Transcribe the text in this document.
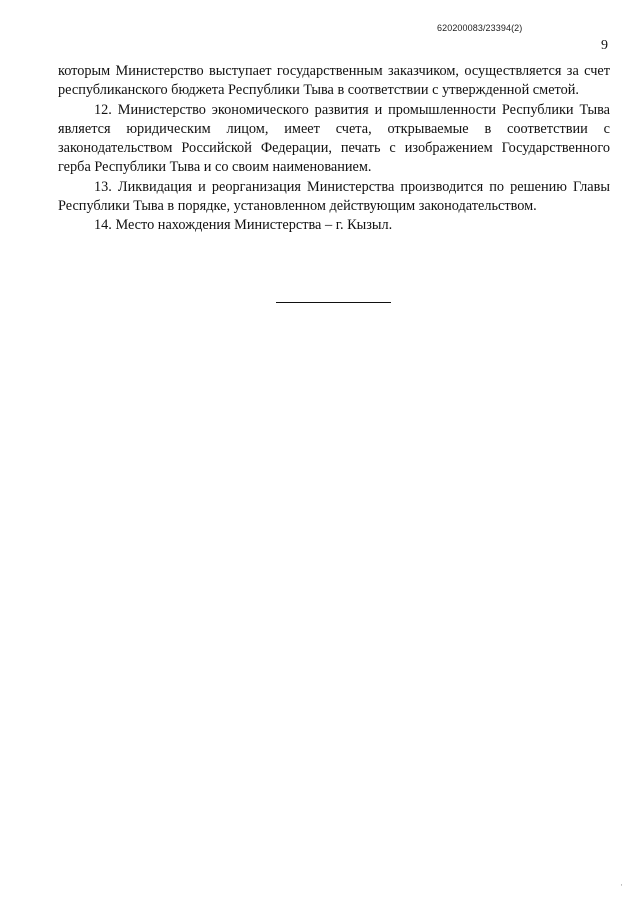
620200083/23394(2)
9

которым Министерство выступает государственным заказчиком, осуществляется за счет республиканского бюджета Республики Тыва в соответствии с утвержденной сметой.

12. Министерство экономического развития и промышленности Республики Тыва является юридическим лицом, имеет счета, открываемые в соответствии с законодательством Российской Федерации, печать с изображением Государственного герба Республики Тыва и со своим наименованием.

13. Ликвидация и реорганизация Министерства производится по решению Главы Республики Тыва в порядке, установленном действующим законодательством.

14. Место нахождения Министерства – г. Кызыл.

·
